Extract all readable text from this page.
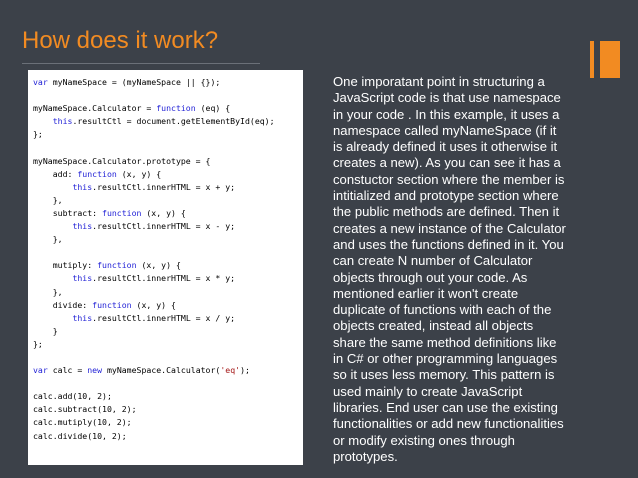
How does it work?
var myNameSpace = (myNameSpace || {});
myNameSpace.Calculator = function (eq) {
this.resultCtl = document.getElementById(eq);
};
myNameSpace.Calculator.prototype = {
add: function (x, y) {
this.resultCtl.innerHTML = x + y;
},
subtract: function (x, y) {
this.resultCtl.innerHTML = x - y;
},
mutiply: function (x, y) {
this.resultCtl.innerHTML = x * y;
},
divide: function (x, y) {
this.resultCtl.innerHTML = x / y;
}
};
var calc = new myNameSpace.Calculator('eq');
calc.add(10, 2);
calc.subtract(10, 2);
calc.mutiply(10, 2);
calc.divide(10, 2);

One imporatant point in structuring a
JavaScript code is that use namespace
in your code . In this example, it uses a
namespace called myNameSpace (if it
is already defined it uses it otherwise it
creates a new). As you can see it has a
constuctor section where the member is
intitialized and prototype section where
the public methods are defined. Then it
creates a new instance of the Calculator
and uses the functions defined in it. You
can create N number of Calculator
objects through out your code. As
mentioned earlier it won't create
duplicate of functions with each of the
objects created, instead all objects
share the same method definitions like
in C# or other programming languages
so it uses less memory. This pattern is
used mainly to create JavaScript
libraries. End user can use the existing
functionalities or add new functionalities
or modify existing ones through
prototypes.
